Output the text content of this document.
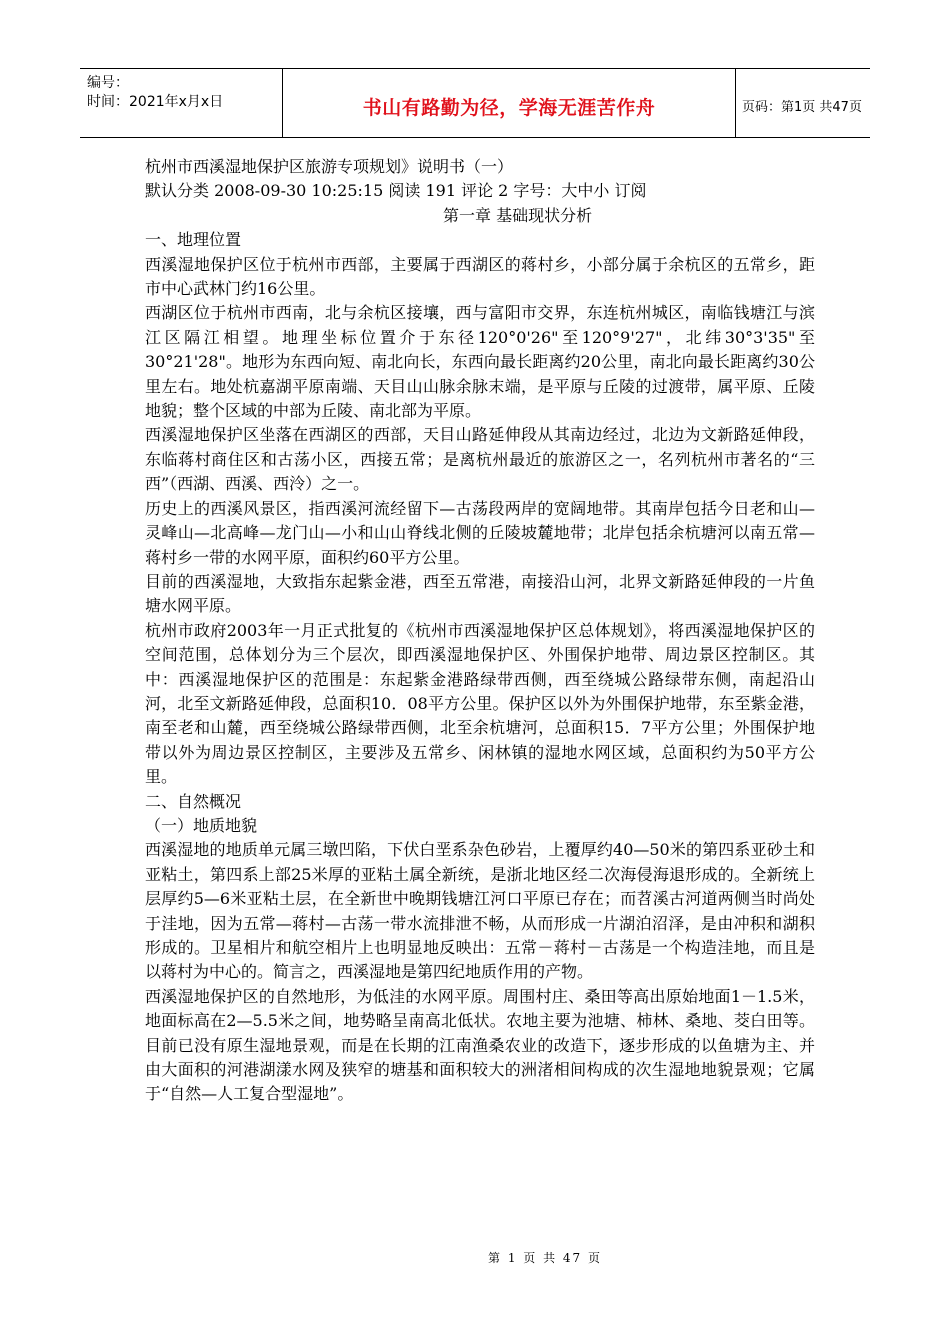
编号：
时间：2021年x月x日	书山有路勤为径，学海无涯苦作舟	页码：第1页 共47页
杭州市西溪湿地保护区旅游专项规划》说明书（一）
默认分类 2008-09-30 10:25:15 阅读 191 评论 2 字号：大中小 订阅
第一章 基础现状分析
一、地理位置

西溪湿地保护区位于杭州市西部，主要属于西湖区的蒋村乡，小部分属于余杭区的五常乡，距市中心武林门约16公里。

西湖区位于杭州市西南，北与余杭区接壤，西与富阳市交界，东连杭州城区，南临钱塘江与滨江区隔江相望。地理坐标位置介于东径120°0'26"至120°9'27"，北纬30°3'35"至30°21'28"。地形为东西向短、南北向长，东西向最长距离约20公里，南北向最长距离约30公里左右。地处杭嘉湖平原南端、天目山山脉余脉末端，是平原与丘陵的过渡带，属平原、丘陵地貌；整个区域的中部为丘陵、南北部为平原。

西溪湿地保护区坐落在西湖区的西部，天目山路延伸段从其南边经过，北边为文新路延伸段，东临蒋村商住区和古荡小区，西接五常；是离杭州最近的旅游区之一，名列杭州市著名的“三西”（西湖、西溪、西泠）之一。

历史上的西溪风景区，指西溪河流经留下—古荡段两岸的宽阔地带。其南岸包括今日老和山—灵峰山—北高峰—龙门山—小和山山脊线北侧的丘陵坡麓地带；北岸包括余杭塘河以南五常—蒋村乡一带的水网平原，面积约60平方公里。

目前的西溪湿地，大致指东起紫金港，西至五常港，南接沿山河，北界文新路延伸段的一片鱼塘水网平原。

杭州市政府2003年一月正式批复的《杭州市西溪湿地保护区总体规划》，将西溪湿地保护区的空间范围，总体划分为三个层次，即西溪湿地保护区、外围保护地带、周边景区控制区。其中：西溪湿地保护区的范围是：东起紫金港路绿带西侧，西至绕城公路绿带东侧，南起沿山河，北至文新路延伸段，总面积10．08平方公里。保护区以外为外围保护地带，东至紫金港，南至老和山麓，西至绕城公路绿带西侧，北至余杭塘河，总面积15．7平方公里；外围保护地带以外为周边景区控制区，主要涉及五常乡、闲林镇的湿地水网区域，总面积约为50平方公里。

二、自然概况
（一）地质地貌

西溪湿地的地质单元属三墩凹陷，下伏白垩系杂色砂岩，上覆厚约40—50米的第四系亚砂土和亚粘土，第四系上部25米厚的亚粘土属全新统，是浙北地区经二次海侵海退形成的。全新统上层厚约5—6米亚粘土层，在全新世中晚期钱塘江河口平原已存在；而苕溪古河道两侧当时尚处于洼地，因为五常—蒋村—古荡一带水流排泄不畅，从而形成一片湖泊沼泽，是由冲积和湖积形成的。卫星相片和航空相片上也明显地反映出：五常－蒋村－古荡是一个构造洼地，而且是以蒋村为中心的。简言之，西溪湿地是第四纪地质作用的产物。

西溪湿地保护区的自然地形，为低洼的水网平原。周围村庄、桑田等高出原始地面1－1.5米，地面标高在2—5.5米之间，地势略呈南高北低状。农地主要为池塘、柿林、桑地、茭白田等。目前已没有原生湿地景观，而是在长期的江南渔桑农业的改造下，逐步形成的以鱼塘为主、并由大面积的河港湖漾水网及狭窄的塘基和面积较大的洲渚相间构成的次生湿地地貌景观；它属于“自然—人工复合型湿地”。

第 1 页 共 47 页
